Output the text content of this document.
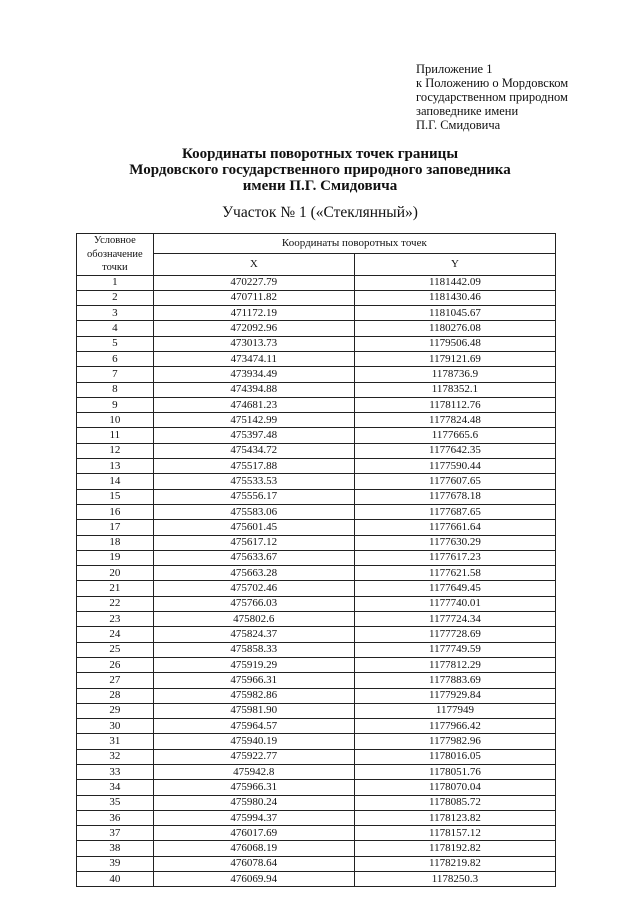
Приложение 1
к Положению о Мордовском
государственном природном
заповеднике имени
П.Г. Смидовича
Координаты поворотных точек границы
Мордовского государственного природного заповедника
имени П.Г. Смидовича
Участок № 1 («Стеклянный»)
Условное
обозначение
точки	Координаты поворотных точек	
	X	Y
1	470227.79	1181442.09
2	470711.82	1181430.46
3	471172.19	1181045.67
4	472092.96	1180276.08
5	473013.73	1179506.48
6	473474.11	1179121.69
7	473934.49	1178736.9
8	474394.88	1178352.1
9	474681.23	1178112.76
10	475142.99	1177824.48
11	475397.48	1177665.6
12	475434.72	1177642.35
13	475517.88	1177590.44
14	475533.53	1177607.65
15	475556.17	1177678.18
16	475583.06	1177687.65
17	475601.45	1177661.64
18	475617.12	1177630.29
19	475633.67	1177617.23
20	475663.28	1177621.58
21	475702.46	1177649.45
22	475766.03	1177740.01
23	475802.6	1177724.34
24	475824.37	1177728.69
25	475858.33	1177749.59
26	475919.29	1177812.29
27	475966.31	1177883.69
28	475982.86	1177929.84
29	475981.90	1177949
30	475964.57	1177966.42
31	475940.19	1177982.96
32	475922.77	1178016.05
33	475942.8	1178051.76
34	475966.31	1178070.04
35	475980.24	1178085.72
36	475994.37	1178123.82
37	476017.69	1178157.12
38	476068.19	1178192.82
39	476078.64	1178219.82
40	476069.94	1178250.3
